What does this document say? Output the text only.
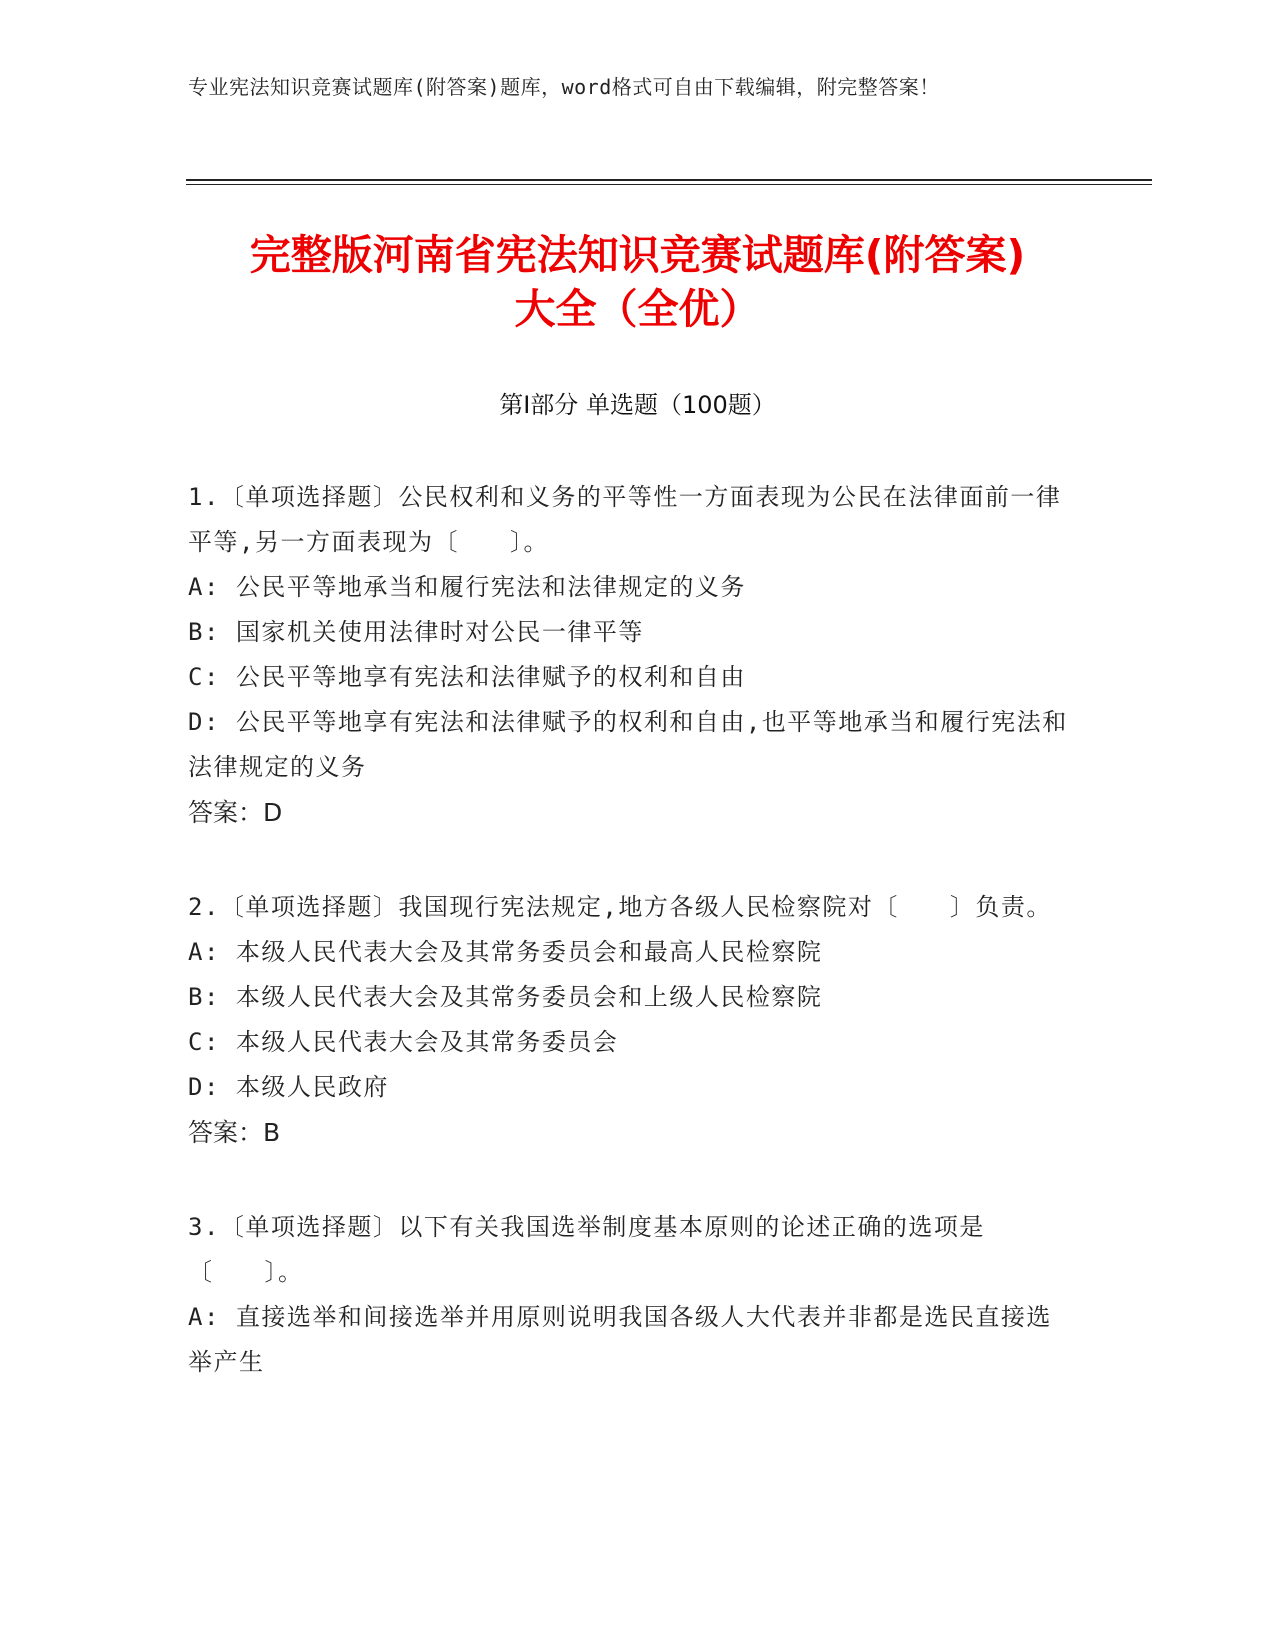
专业宪法知识竞赛试题库(附答案)题库，word格式可自由下载编辑，附完整答案！
完整版河南省宪法知识竞赛试题库(附答案)
大全（全优）
第Ⅰ部分 单选题（100题）

1.〔单项选择题〕公民权利和义务的平等性一方面表现为公民在法律面前一律平等,另一方面表现为〔　　〕。

A: 公民平等地承当和履行宪法和法律规定的义务

B: 国家机关使用法律时对公民一律平等

C: 公民平等地享有宪法和法律赋予的权利和自由

D: 公民平等地享有宪法和法律赋予的权利和自由,也平等地承当和履行宪法和法律规定的义务

答案：D

2.〔单项选择题〕我国现行宪法规定,地方各级人民检察院对〔　　〕负责。

A: 本级人民代表大会及其常务委员会和最高人民检察院

B: 本级人民代表大会及其常务委员会和上级人民检察院

C: 本级人民代表大会及其常务委员会

D: 本级人民政府

答案：B

3.〔单项选择题〕以下有关我国选举制度基本原则的论述正确的选项是〔　　〕。

A: 直接选举和间接选举并用原则说明我国各级人大代表并非都是选民直接选举产生
